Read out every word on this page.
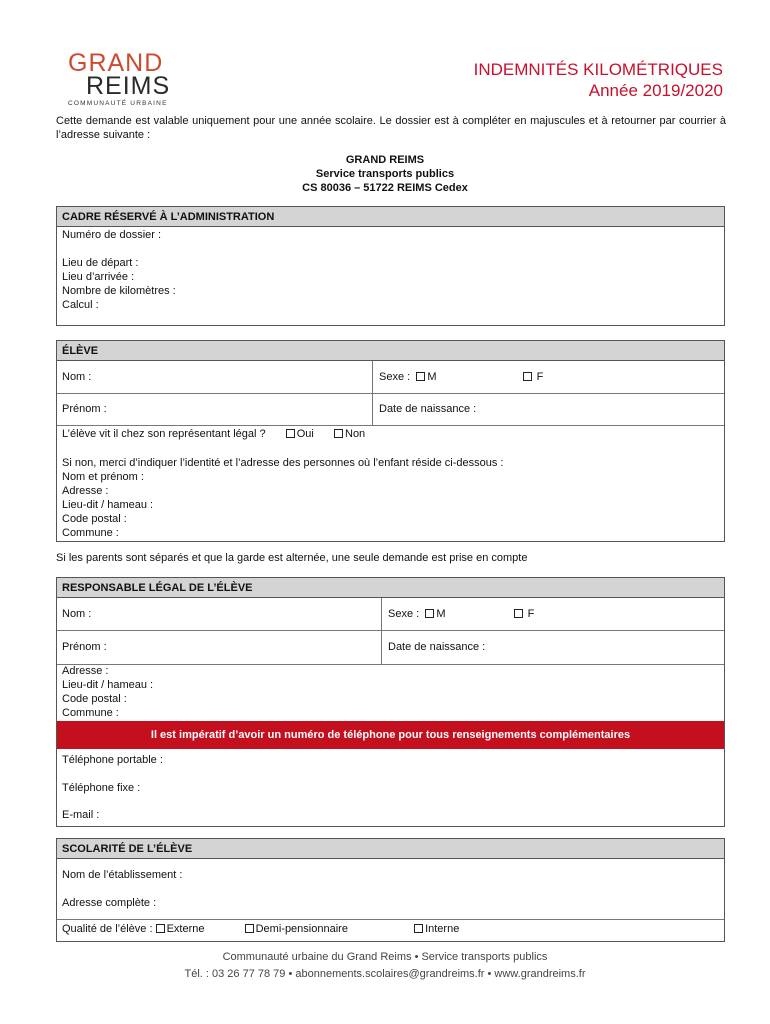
GRAND
REIMS
COMMUNAUTÉ URBAINE
INDEMNITÉS KILOMÉTRIQUES
Année 2019/2020
Cette demande est valable uniquement pour une année scolaire. Le dossier est à compléter en majuscules et à retourner par courrier à l’adresse suivante :
GRAND REIMS
Service transports publics
CS 80036 – 51722 REIMS Cedex
CADRE RÉSERVÉ À L’ADMINISTRATION
Numéro de dossier :
Lieu de départ :
Lieu d’arrivée :
Nombre de kilomètres :
Calcul :
ÉLÈVE
Nom :	Sexe : M	F
Prénom :	Date de naissance :
L’élève vit il chez son représentant légal ?	Oui	Non
Si non, merci d’indiquer l’identité et l’adresse des personnes où l’enfant réside ci-dessous :
Nom et prénom :
Adresse :
Lieu-dit / hameau :
Code postal :
Commune :
Si les parents sont séparés et que la garde est alternée, une seule demande est prise en compte
RESPONSABLE LÉGAL DE L’ÉLÈVE
Nom :	Sexe : M	F
Prénom :	Date de naissance :
Adresse :
Lieu-dit / hameau :
Code postal :
Commune :
Il est impératif d’avoir un numéro de téléphone pour tous renseignements complémentaires
Téléphone portable :
Téléphone fixe :
E-mail :
SCOLARITÉ DE L’ÉLÈVE
Nom de l’établissement :
Adresse complète :
Qualité de l’élève : Externe	Demi-pensionnaire	Interne
Communauté urbaine du Grand Reims • Service transports publics
Tél. : 03 26 77 78 79 • abonnements.scolaires@grandreims.fr • www.grandreims.fr
